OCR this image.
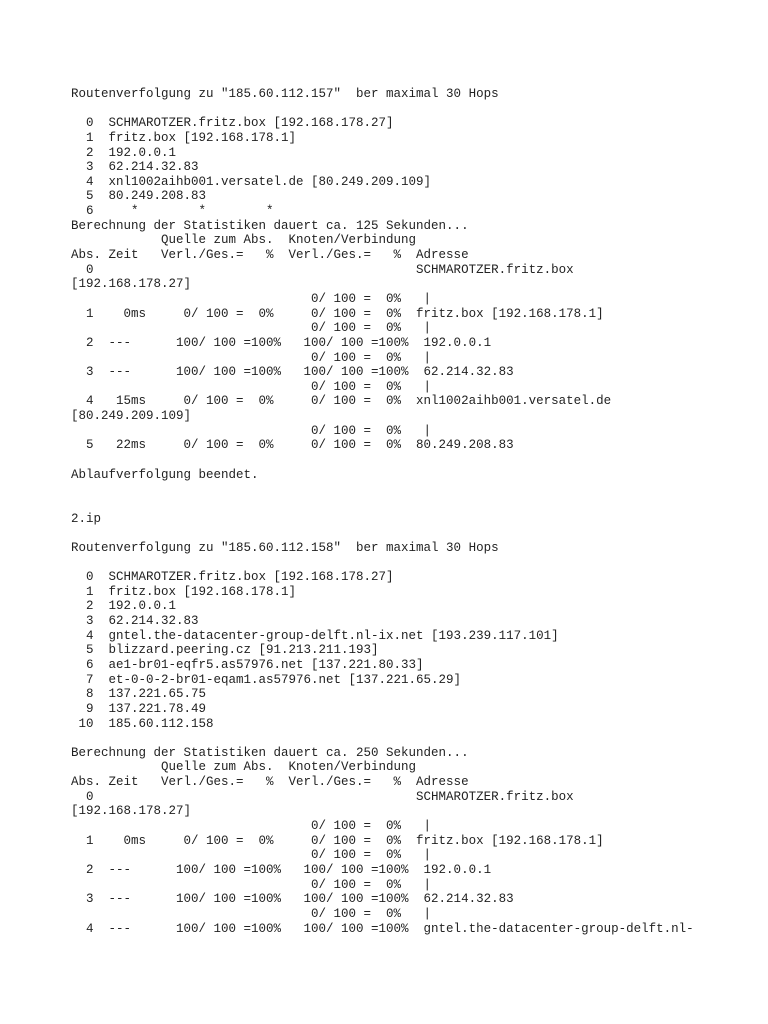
Routenverfolgung zu "185.60.112.157"  ber maximal 30 Hops
0  SCHMAROTZER.fritz.box [192.168.178.27]
1  fritz.box [192.168.178.1]
2  192.0.0.1
3  62.214.32.83
4  xnl1002aihb001.versatel.de [80.249.209.109]
5  80.249.208.83
6     *        *        *
Berechnung der Statistiken dauert ca. 125 Sekunden...
Quelle zum Abs.  Knoten/Verbindung
Abs. Zeit   Verl./Ges.=   %  Verl./Ges.=   %  Adresse
0                                           SCHMAROTZER.fritz.box
[192.168.178.27]
0/ 100 =  0%   |
1    0ms     0/ 100 =  0%     0/ 100 =  0%  fritz.box [192.168.178.1]
0/ 100 =  0%   |
2  ---      100/ 100 =100%   100/ 100 =100%  192.0.0.1
0/ 100 =  0%   |
3  ---      100/ 100 =100%   100/ 100 =100%  62.214.32.83
0/ 100 =  0%   |
4   15ms     0/ 100 =  0%     0/ 100 =  0%  xnl1002aihb001.versatel.de
[80.249.209.109]
0/ 100 =  0%   |
5   22ms     0/ 100 =  0%     0/ 100 =  0%  80.249.208.83
Ablaufverfolgung beendet.
2.ip
Routenverfolgung zu "185.60.112.158"  ber maximal 30 Hops
0  SCHMAROTZER.fritz.box [192.168.178.27]
1  fritz.box [192.168.178.1]
2  192.0.0.1
3  62.214.32.83
4  gntel.the-datacenter-group-delft.nl-ix.net [193.239.117.101]
5  blizzard.peering.cz [91.213.211.193]
6  ae1-br01-eqfr5.as57976.net [137.221.80.33]
7  et-0-0-2-br01-eqam1.as57976.net [137.221.65.29]
8  137.221.65.75
9  137.221.78.49
10  185.60.112.158
Berechnung der Statistiken dauert ca. 250 Sekunden...
Quelle zum Abs.  Knoten/Verbindung
Abs. Zeit   Verl./Ges.=   %  Verl./Ges.=   %  Adresse
0                                           SCHMAROTZER.fritz.box
[192.168.178.27]
0/ 100 =  0%   |
1    0ms     0/ 100 =  0%     0/ 100 =  0%  fritz.box [192.168.178.1]
0/ 100 =  0%   |
2  ---      100/ 100 =100%   100/ 100 =100%  192.0.0.1
0/ 100 =  0%   |
3  ---      100/ 100 =100%   100/ 100 =100%  62.214.32.83
0/ 100 =  0%   |
4  ---      100/ 100 =100%   100/ 100 =100%  gntel.the-datacenter-group-delft.nl-
